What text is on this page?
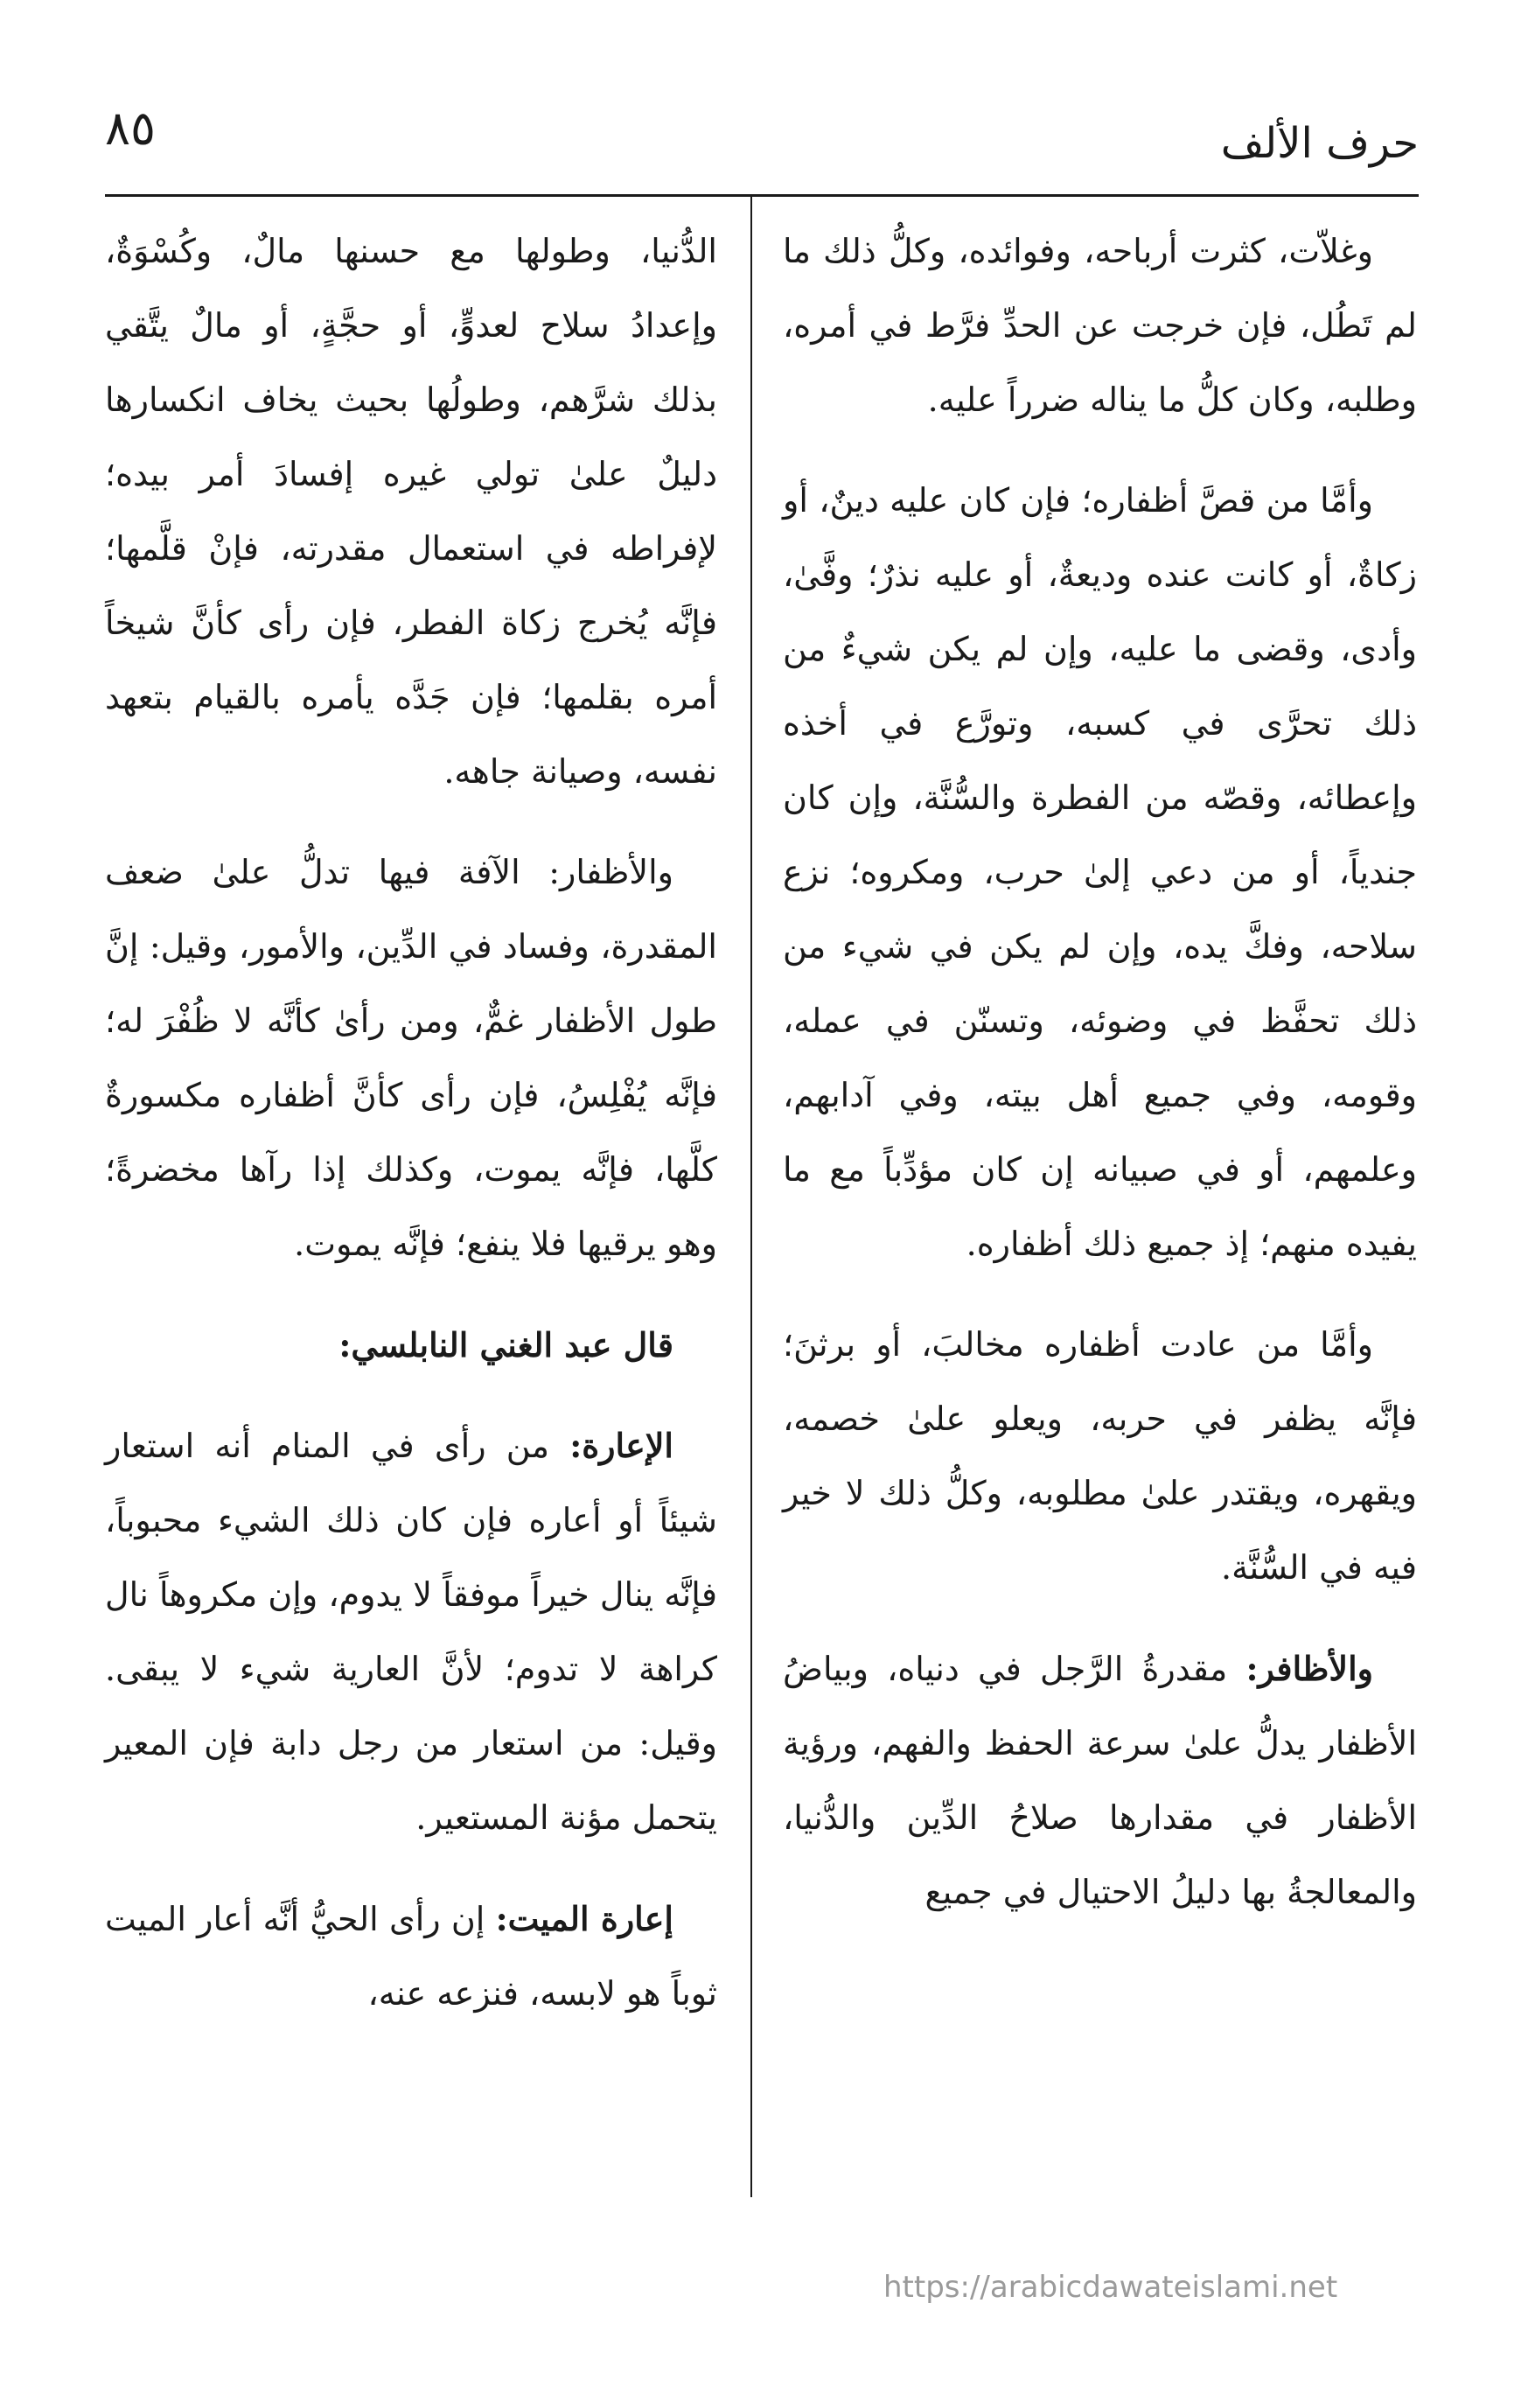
٨٥	حرف الألف

وغلاّت، كثرت أرباحه، وفوائده، وكلُّ ذلك ما لم تَطُل، فإن خرجت عن الحدِّ فرَّط في أمره، وطلبه، وكان كلُّ ما يناله ضرراً عليه.

وأمَّا من قصَّ أظفاره؛ فإن كان عليه دينٌ، أو زكاةٌ، أو كانت عنده وديعةٌ، أو عليه نذرٌ؛ وفَّىٰ، وأدى، وقضى ما عليه، وإن لم يكن شيءٌ من ذلك تحرَّى في كسبه، وتورَّع في أخذه وإعطائه، وقصّه من الفطرة والسُّنَّة، وإن كان جندياً، أو من دعي إلىٰ حرب، ومكروه؛ نزع سلاحه، وفكَّ يده، وإن لم يكن في شيء من ذلك تحفَّظ في وضوئه، وتسنّن في عمله، وقومه، وفي جميع أهل بيته، وفي آدابهم، وعلمهم، أو في صبيانه إن كان مؤدِّباً مع ما يفيده منهم؛ إذ جميع ذلك أظفاره.

وأمَّا من عادت أظفاره مخالبَ، أو برثنَ؛ فإنَّه يظفر في حربه، ويعلو علىٰ خصمه، ويقهره، ويقتدر علىٰ مطلوبه، وكلُّ ذلك لا خير فيه في السُّنَّة.

والأظافر: مقدرةُ الرَّجل في دنياه، وبياضُ الأظفار يدلُّ علىٰ سرعة الحفظ والفهم، ورؤية الأظفار في مقدارها صلاحُ الدِّين والدُّنيا، والمعالجةُ بها دليلُ الاحتيال في جميع

الدُّنيا، وطولها مع حسنها مالٌ، وكُسْوَةٌ، وإعدادُ سلاح لعدوٍّ، أو حجَّةٍ، أو مالٌ يتَّقي بذلك شرَّهم، وطولُها بحيث يخاف انكسارها دليلٌ علىٰ تولي غيره إفسادَ أمر بيده؛ لإفراطه في استعمال مقدرته، فإنْ قلَّمها؛ فإنَّه يُخرج زكاة الفطر، فإن رأى كأنَّ شيخاً أمره بقلمها؛ فإن جَدَّه يأمره بالقيام بتعهد نفسه، وصيانة جاهه.

والأظفار: الآفة فيها تدلُّ علىٰ ضعف المقدرة، وفساد في الدِّين، والأمور، وقيل: إنَّ طول الأظفار غمٌّ، ومن رأىٰ كأنَّه لا ظُفْرَ له؛ فإنَّه يُفْلِسُ، فإن رأى كأنَّ أظفاره مكسورةٌ كلَّها، فإنَّه يموت، وكذلك إذا رآها مخضرةً؛ وهو يرقيها فلا ينفع؛ فإنَّه يموت.

قال عبد الغني النابلسي:

الإعارة: من رأى في المنام أنه استعار شيئاً أو أعاره فإن كان ذلك الشيء محبوباً، فإنَّه ينال خيراً موفقاً لا يدوم، وإن مكروهاً نال كراهة لا تدوم؛ لأنَّ العارية شيء لا يبقى. وقيل: من استعار من رجل دابة فإن المعير يتحمل مؤنة المستعير.

إعارة الميت: إن رأى الحيُّ أنَّه أعار الميت ثوباً هو لابسه، فنزعه عنه،

https://arabicdawateislami.net
